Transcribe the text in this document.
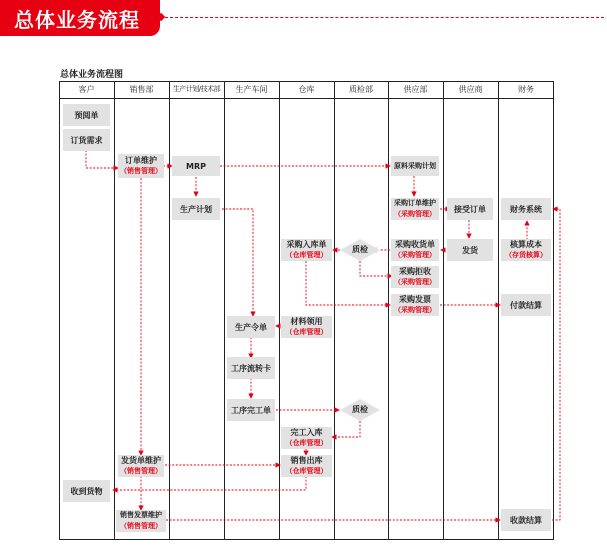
总体业务流程
总体业务流程图
客户	销售部	生产计划/技术部	生产车间	仓库	质检部	供应部	供应商	财务
预阅单
订货需求
收到货物
订单维护
（销售管理）
发货单维护
（销售管理）
销售发票维护
（销售管理）
MRP
生产计划
生产令单
工序流转卡
工序完工单
采购入库单
（仓库管理）
材料领用
（仓库管理）
完工入库
（仓库管理）
销售出库
（仓库管理）
质检
质检
原料采购计划
采购订单维护
（采购管理）
采购收货单
（采购管理）
采购拒收
（采购管理）
采购发票
（采购管理）
接受订单
发货
财务系统
核算成本
（存货核算）
付款结算
收款结算
